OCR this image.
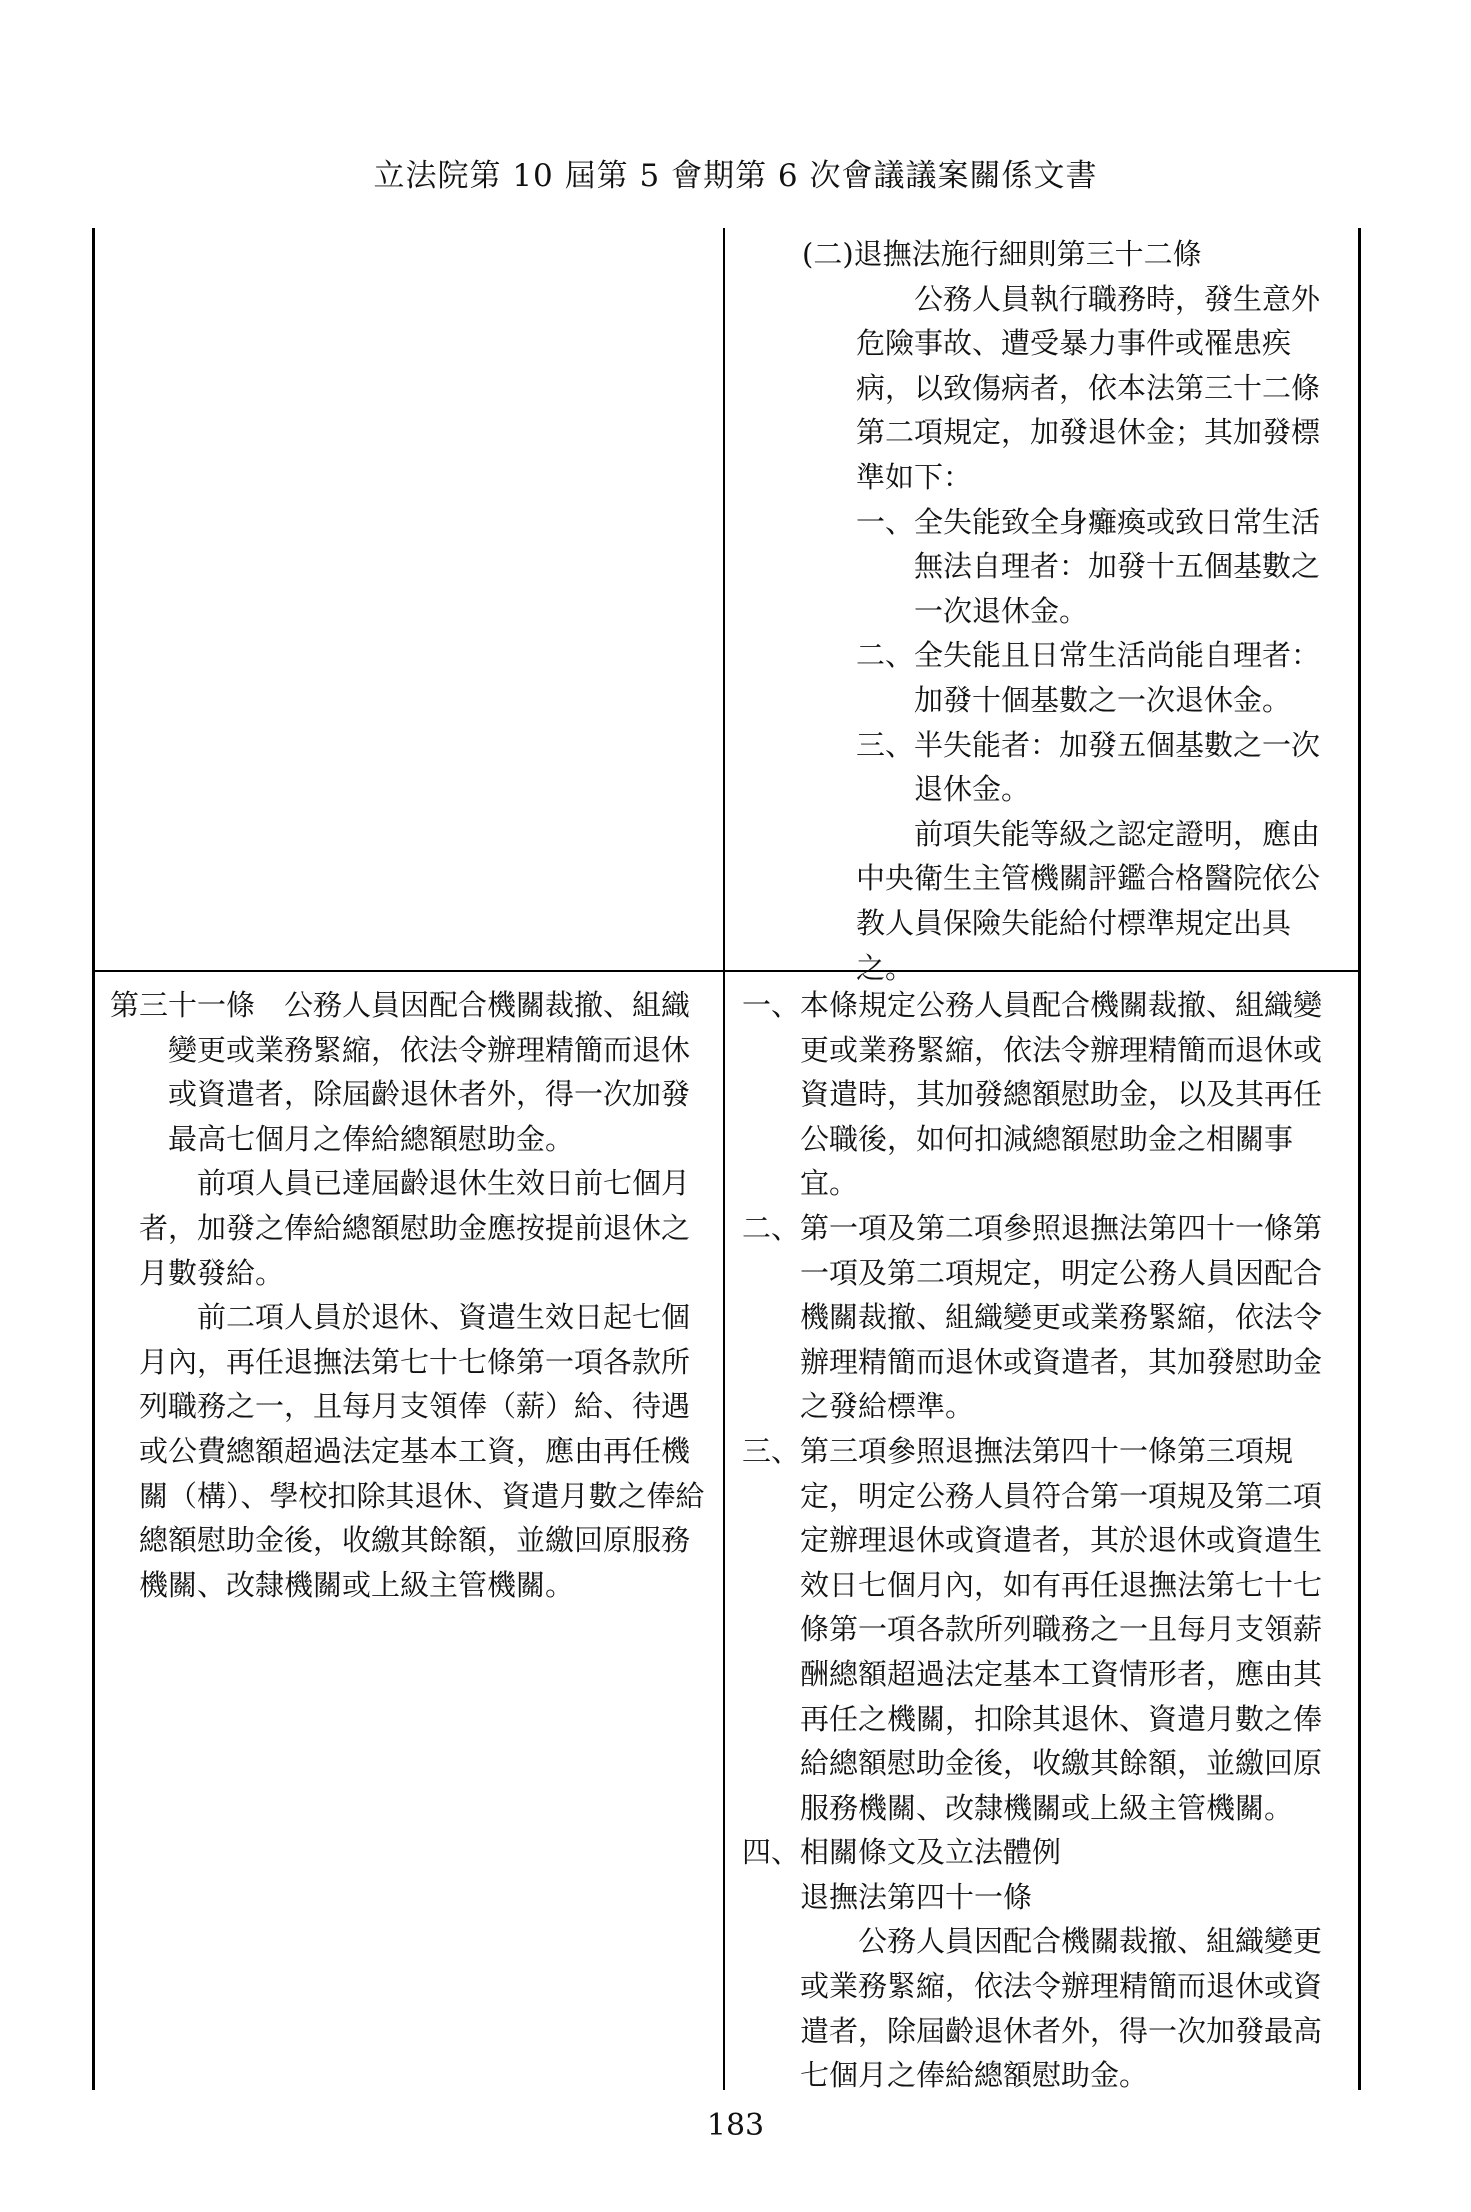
立法院第 10 屆第 5 會期第 6 次會議議案關係文書

(二)退撫法施行細則第三十二條

公務人員執行職務時，發生意外危險事故、遭受暴力事件或罹患疾病，以致傷病者，依本法第三十二條第二項規定，加發退休金；其加發標準如下：

一、全失能致全身癱瘓或致日常生活無法自理者：加發十五個基數之一次退休金。

二、全失能且日常生活尚能自理者：加發十個基數之一次退休金。

三、半失能者：加發五個基數之一次退休金。

前項失能等級之認定證明，應由中央衛生主管機關評鑑合格醫院依公教人員保險失能給付標準規定出具之。

第三十一條　公務人員因配合機關裁撤、組織變更或業務緊縮，依法令辦理精簡而退休或資遣者，除屆齡退休者外，得一次加發最高七個月之俸給總額慰助金。

前項人員已達屆齡退休生效日前七個月者，加發之俸給總額慰助金應按提前退休之月數發給。

前二項人員於退休、資遣生效日起七個月內，再任退撫法第七十七條第一項各款所列職務之一，且每月支領俸（薪）給、待遇或公費總額超過法定基本工資，應由再任機關（構）、學校扣除其退休、資遣月數之俸給總額慰助金後，收繳其餘額，並繳回原服務機關、改隸機關或上級主管機關。

一、本條規定公務人員配合機關裁撤、組織變更或業務緊縮，依法令辦理精簡而退休或資遣時，其加發總額慰助金，以及其再任公職後，如何扣減總額慰助金之相關事宜。

二、第一項及第二項參照退撫法第四十一條第一項及第二項規定，明定公務人員因配合機關裁撤、組織變更或業務緊縮，依法令辦理精簡而退休或資遣者，其加發慰助金之發給標準。

三、第三項參照退撫法第四十一條第三項規定，明定公務人員符合第一項規及第二項定辦理退休或資遣者，其於退休或資遣生效日七個月內，如有再任退撫法第七十七條第一項各款所列職務之一且每月支領薪酬總額超過法定基本工資情形者，應由其再任之機關，扣除其退休、資遣月數之俸給總額慰助金後，收繳其餘額，並繳回原服務機關、改隸機關或上級主管機關。

四、相關條文及立法體例

退撫法第四十一條

公務人員因配合機關裁撤、組織變更或業務緊縮，依法令辦理精簡而退休或資遣者，除屆齡退休者外，得一次加發最高七個月之俸給總額慰助金。

183
